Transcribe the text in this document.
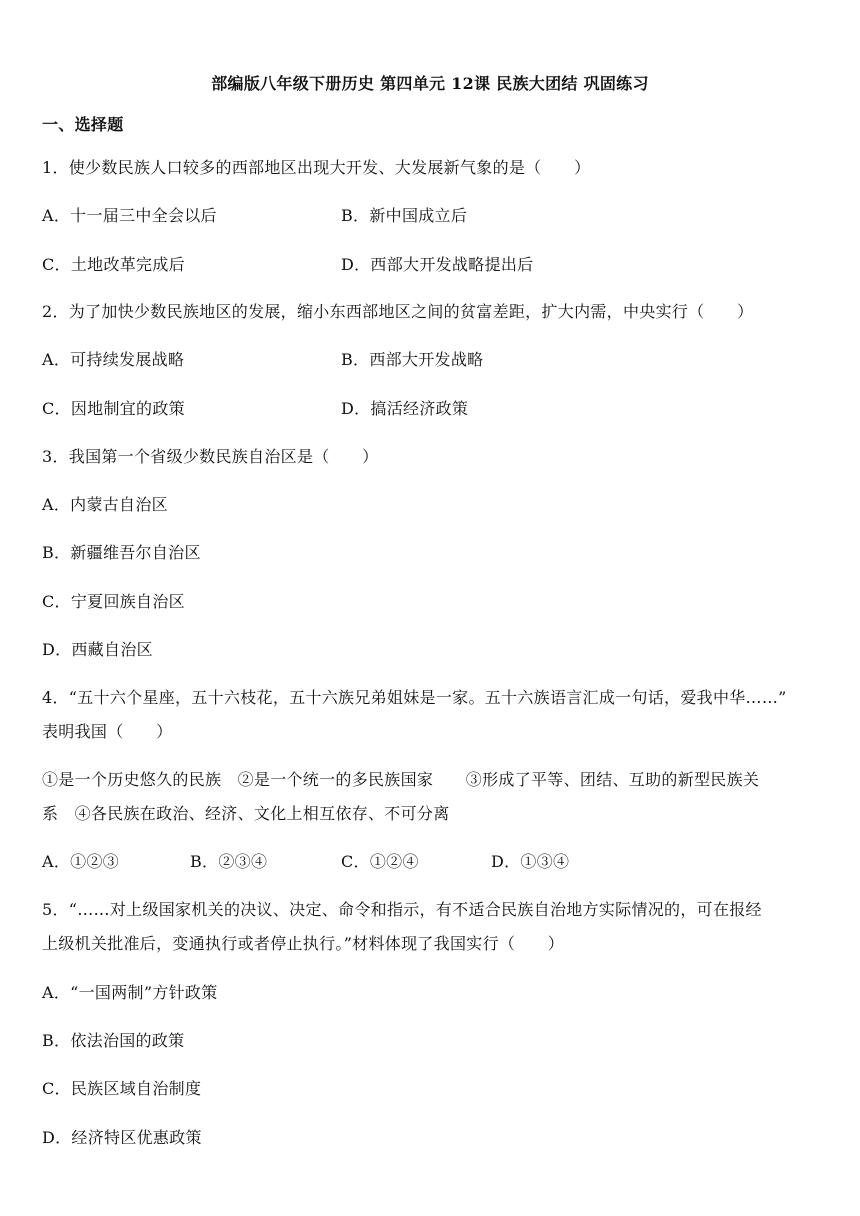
部编版八年级下册历史 第四单元 12课 民族大团结 巩固练习
一、选择题
1．使少数民族人口较多的西部地区出现大开发、大发展新气象的是（　　）
A．十一届三中全会以后	B．新中国成立后
C．土地改革完成后	D．西部大开发战略提出后
2．为了加快少数民族地区的发展，缩小东西部地区之间的贫富差距，扩大内需，中央实行（　　）
A．可持续发展战略	B．西部大开发战略
C．因地制宜的政策	D．搞活经济政策
3．我国第一个省级少数民族自治区是（　　）
A．内蒙古自治区
B．新疆维吾尔自治区
C．宁夏回族自治区
D．西藏自治区
4．“五十六个星座，五十六枝花，五十六族兄弟姐妹是一家。五十六族语言汇成一句话，爱我中华……”
表明我国（　　）
①是一个历史悠久的民族　②是一个统一的多民族国家　　③形成了平等、团结、互助的新型民族关
系　④各民族在政治、经济、文化上相互依存、不可分离
A．①②③	B．②③④	C．①②④	D．①③④
5．“……对上级国家机关的决议、决定、命令和指示，有不适合民族自治地方实际情况的，可在报经
上级机关批准后，变通执行或者停止执行。”材料体现了我国实行（　　）
A．“一国两制”方针政策
B．依法治国的政策
C．民族区域自治制度
D．经济特区优惠政策
